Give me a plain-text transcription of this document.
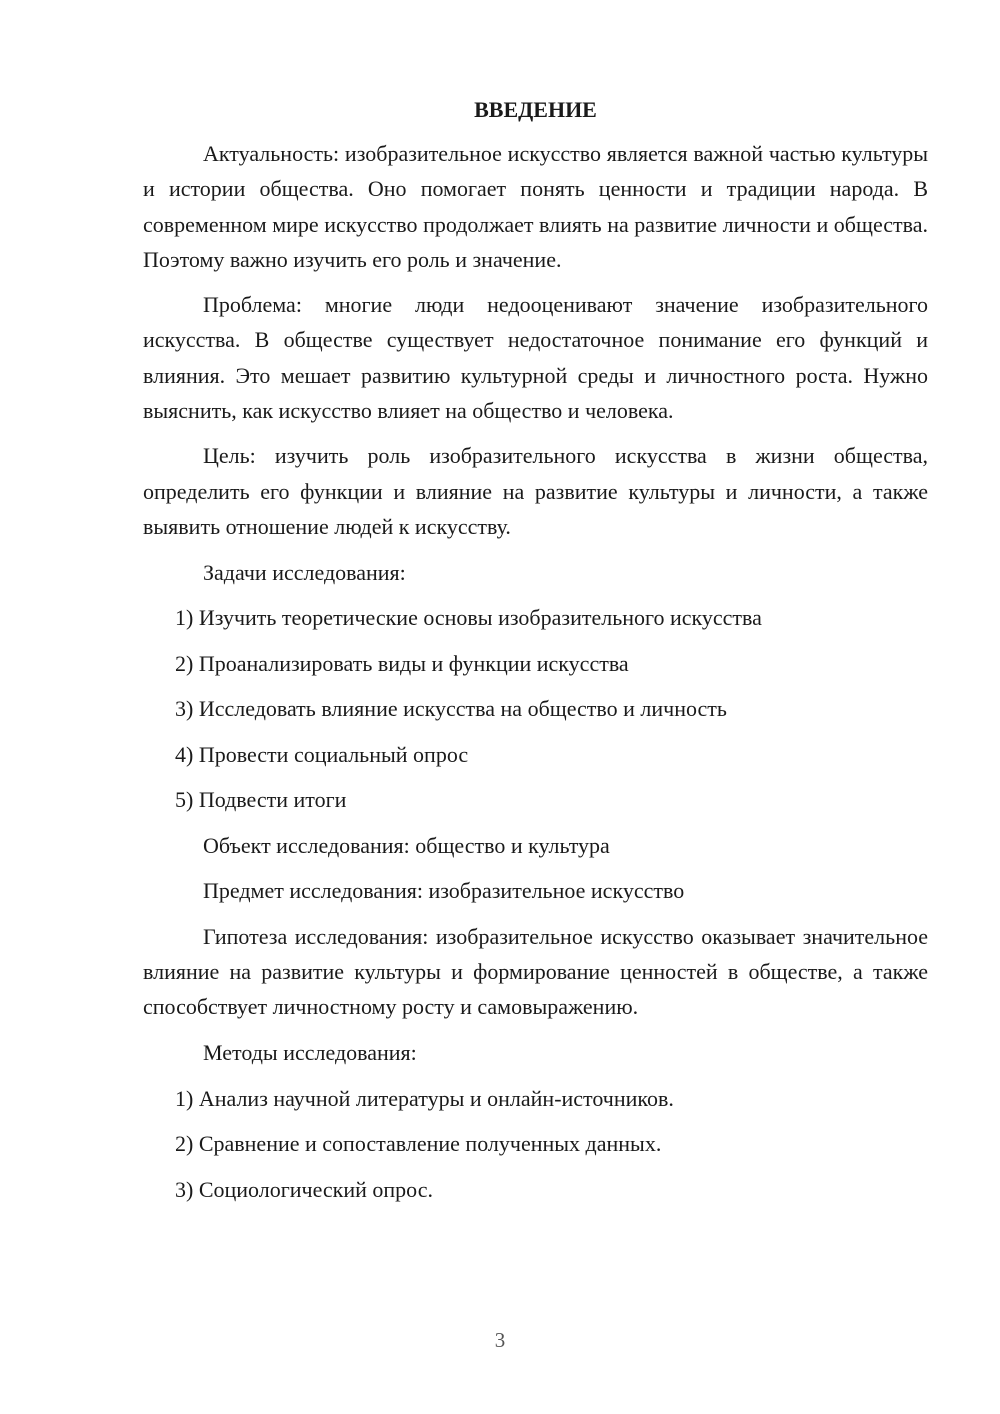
ВВЕДЕНИЕ

Актуальность: изобразительное искусство является важной частью культуры и истории общества. Оно помогает понять ценности и традиции народа. В современном мире искусство продолжает влиять на развитие личности и общества. Поэтому важно изучить его роль и значение.

Проблема: многие люди недооценивают значение изобразительного искусства. В обществе существует недостаточное понимание его функций и влияния. Это мешает развитию культурной среды и личностного роста. Нужно выяснить, как искусство влияет на общество и человека.

Цель: изучить роль изобразительного искусства в жизни общества, определить его функции и влияние на развитие культуры и личности, а также выявить отношение людей к искусству.

Задачи исследования:

1) Изучить теоретические основы изобразительного искусства

2) Проанализировать виды и функции искусства

3) Исследовать влияние искусства на общество и личность

4) Провести социальный опрос

5) Подвести итоги

Объект исследования: общество и культура

Предмет исследования: изобразительное искусство

Гипотеза исследования: изобразительное искусство оказывает значительное влияние на развитие культуры и формирование ценностей в обществе, а также способствует личностному росту и самовыражению.

Методы исследования:

1) Анализ научной литературы и онлайн-источников.

2) Сравнение и сопоставление полученных данных.

3) Социологический опрос.

3
